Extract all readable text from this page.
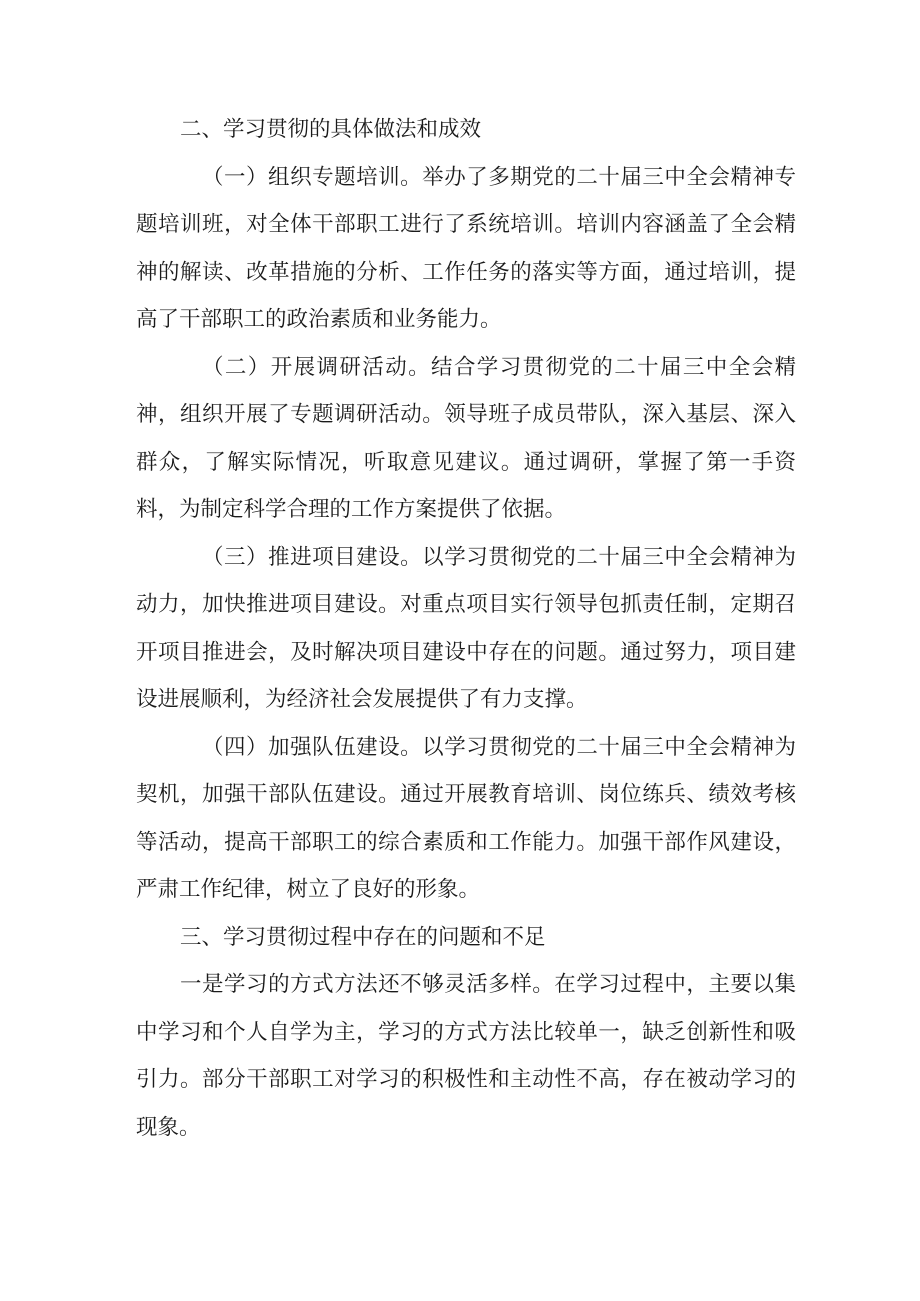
二、学习贯彻的具体做法和成效

（一）组织专题培训。举办了多期党的二十届三中全会精神专题培训班，对全体干部职工进行了系统培训。培训内容涵盖了全会精神的解读、改革措施的分析、工作任务的落实等方面，通过培训，提高了干部职工的政治素质和业务能力。

（二）开展调研活动。结合学习贯彻党的二十届三中全会精神，组织开展了专题调研活动。领导班子成员带队，深入基层、深入群众，了解实际情况，听取意见建议。通过调研，掌握了第一手资料，为制定科学合理的工作方案提供了依据。

（三）推进项目建设。以学习贯彻党的二十届三中全会精神为动力，加快推进项目建设。对重点项目实行领导包抓责任制，定期召开项目推进会，及时解决项目建设中存在的问题。通过努力，项目建设进展顺利，为经济社会发展提供了有力支撑。

（四）加强队伍建设。以学习贯彻党的二十届三中全会精神为契机，加强干部队伍建设。通过开展教育培训、岗位练兵、绩效考核等活动，提高干部职工的综合素质和工作能力。加强干部作风建设，严肃工作纪律，树立了良好的形象。

三、学习贯彻过程中存在的问题和不足

一是学习的方式方法还不够灵活多样。在学习过程中，主要以集中学习和个人自学为主，学习的方式方法比较单一，缺乏创新性和吸引力。部分干部职工对学习的积极性和主动性不高，存在被动学习的现象。
